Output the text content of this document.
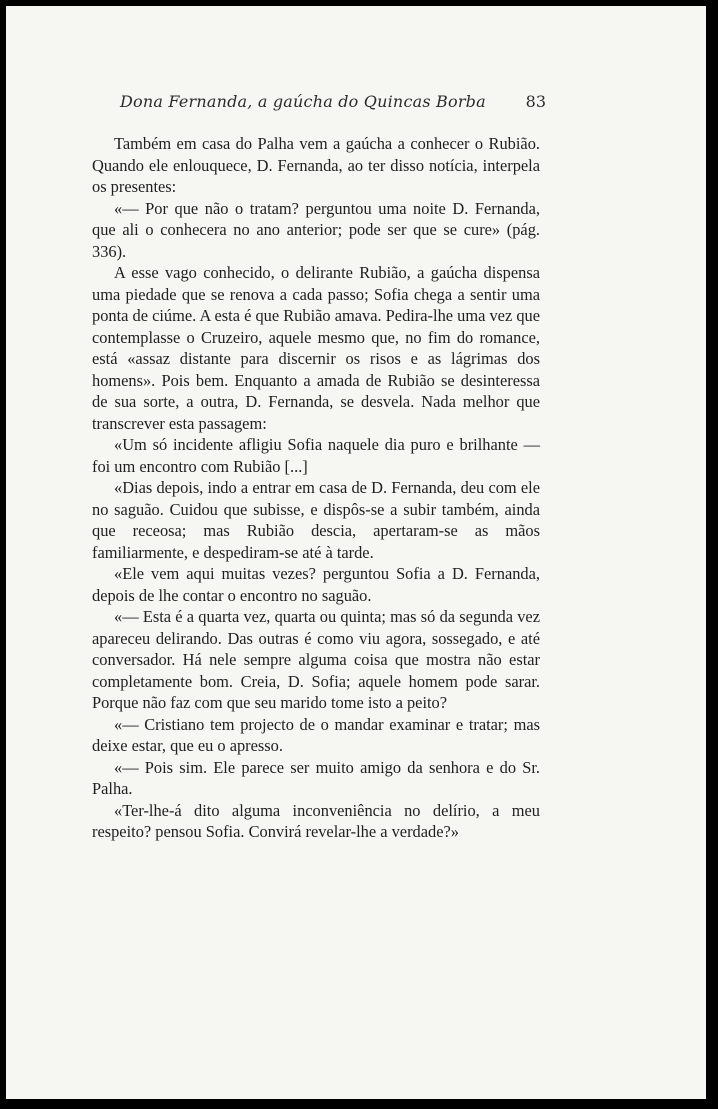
Dona Fernanda, a gaúcha do Quincas Borba 83

Também em casa do Palha vem a gaúcha a conhecer o Rubião. Quando ele enlouquece, D. Fernanda, ao ter disso notícia, interpela os presentes:

«— Por que não o tratam? perguntou uma noite D. Fernanda, que ali o conhecera no ano anterior; pode ser que se cure» (pág. 336).

A esse vago conhecido, o delirante Rubião, a gaúcha dispensa uma piedade que se renova a cada passo; Sofia chega a sentir uma ponta de ciúme. A esta é que Rubião amava. Pedira-lhe uma vez que contemplasse o Cruzeiro, aquele mesmo que, no fim do romance, está «assaz distante para discernir os risos e as lágrimas dos homens». Pois bem. Enquanto a amada de Rubião se desinteressa de sua sorte, a outra, D. Fernanda, se desvela. Nada melhor que transcrever esta passagem:

«Um só incidente afligiu Sofia naquele dia puro e brilhante — foi um encontro com Rubião [...]

«Dias depois, indo a entrar em casa de D. Fernanda, deu com ele no saguão. Cuidou que subisse, e dispôs-se a subir também, ainda que receosa; mas Rubião descia, apertaram-se as mãos familiarmente, e despediram-se até à tarde.

«Ele vem aqui muitas vezes? perguntou Sofia a D. Fernanda, depois de lhe contar o encontro no saguão.

«— Esta é a quarta vez, quarta ou quinta; mas só da segunda vez apareceu delirando. Das outras é como viu agora, sossegado, e até conversador. Há nele sempre alguma coisa que mostra não estar completamente bom. Creia, D. Sofia; aquele homem pode sarar. Porque não faz com que seu marido tome isto a peito?

«— Cristiano tem projecto de o mandar examinar e tratar; mas deixe estar, que eu o apresso.

«— Pois sim. Ele parece ser muito amigo da senhora e do Sr. Palha.

«Ter-lhe-á dito alguma inconveniência no delírio, a meu respeito? pensou Sofia. Convirá revelar-lhe a verdade?»
